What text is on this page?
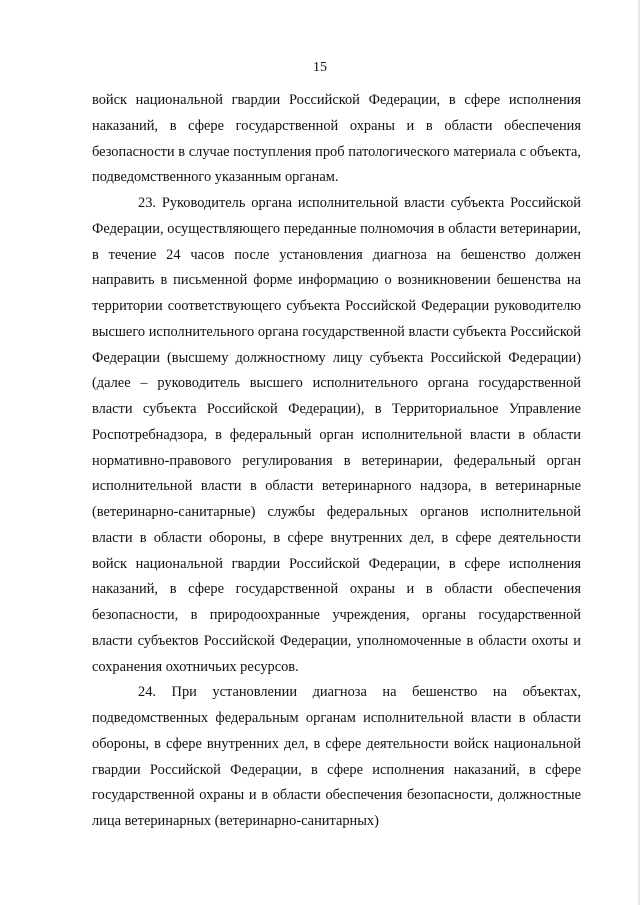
15

войск национальной гвардии Российской Федерации, в сфере исполнения наказаний, в сфере государственной охраны и в области обеспечения безопасности в случае поступления проб патологического материала с объекта, подведомственного указанным органам.

23. Руководитель органа исполнительной власти субъекта Российской Федерации, осуществляющего переданные полномочия в области ветеринарии, в течение 24 часов после установления диагноза на бешенство должен направить в письменной форме информацию о возникновении бешенства на территории соответствующего субъекта Российской Федерации руководителю высшего исполнительного органа государственной власти субъекта Российской Федерации (высшему должностному лицу субъекта Российской Федерации) (далее – руководитель высшего исполнительного органа государственной власти субъекта Российской Федерации), в Территориальное Управление Роспотребнадзора, в федеральный орган исполнительной власти в области нормативно-правового регулирования в ветеринарии, федеральный орган исполнительной власти в области ветеринарного надзора, в ветеринарные (ветеринарно-санитарные) службы федеральных органов исполнительной власти в области обороны, в сфере внутренних дел, в сфере деятельности войск национальной гвардии Российской Федерации, в сфере исполнения наказаний, в сфере государственной охраны и в области обеспечения безопасности, в природоохранные учреждения, органы государственной власти субъектов Российской Федерации, уполномоченные в области охоты и сохранения охотничьих ресурсов.

24. При установлении диагноза на бешенство на объектах, подведомственных федеральным органам исполнительной власти в области обороны, в сфере внутренних дел, в сфере деятельности войск национальной гвардии Российской Федерации, в сфере исполнения наказаний, в сфере государственной охраны и в области обеспечения безопасности, должностные лица ветеринарных (ветеринарно-санитарных)
